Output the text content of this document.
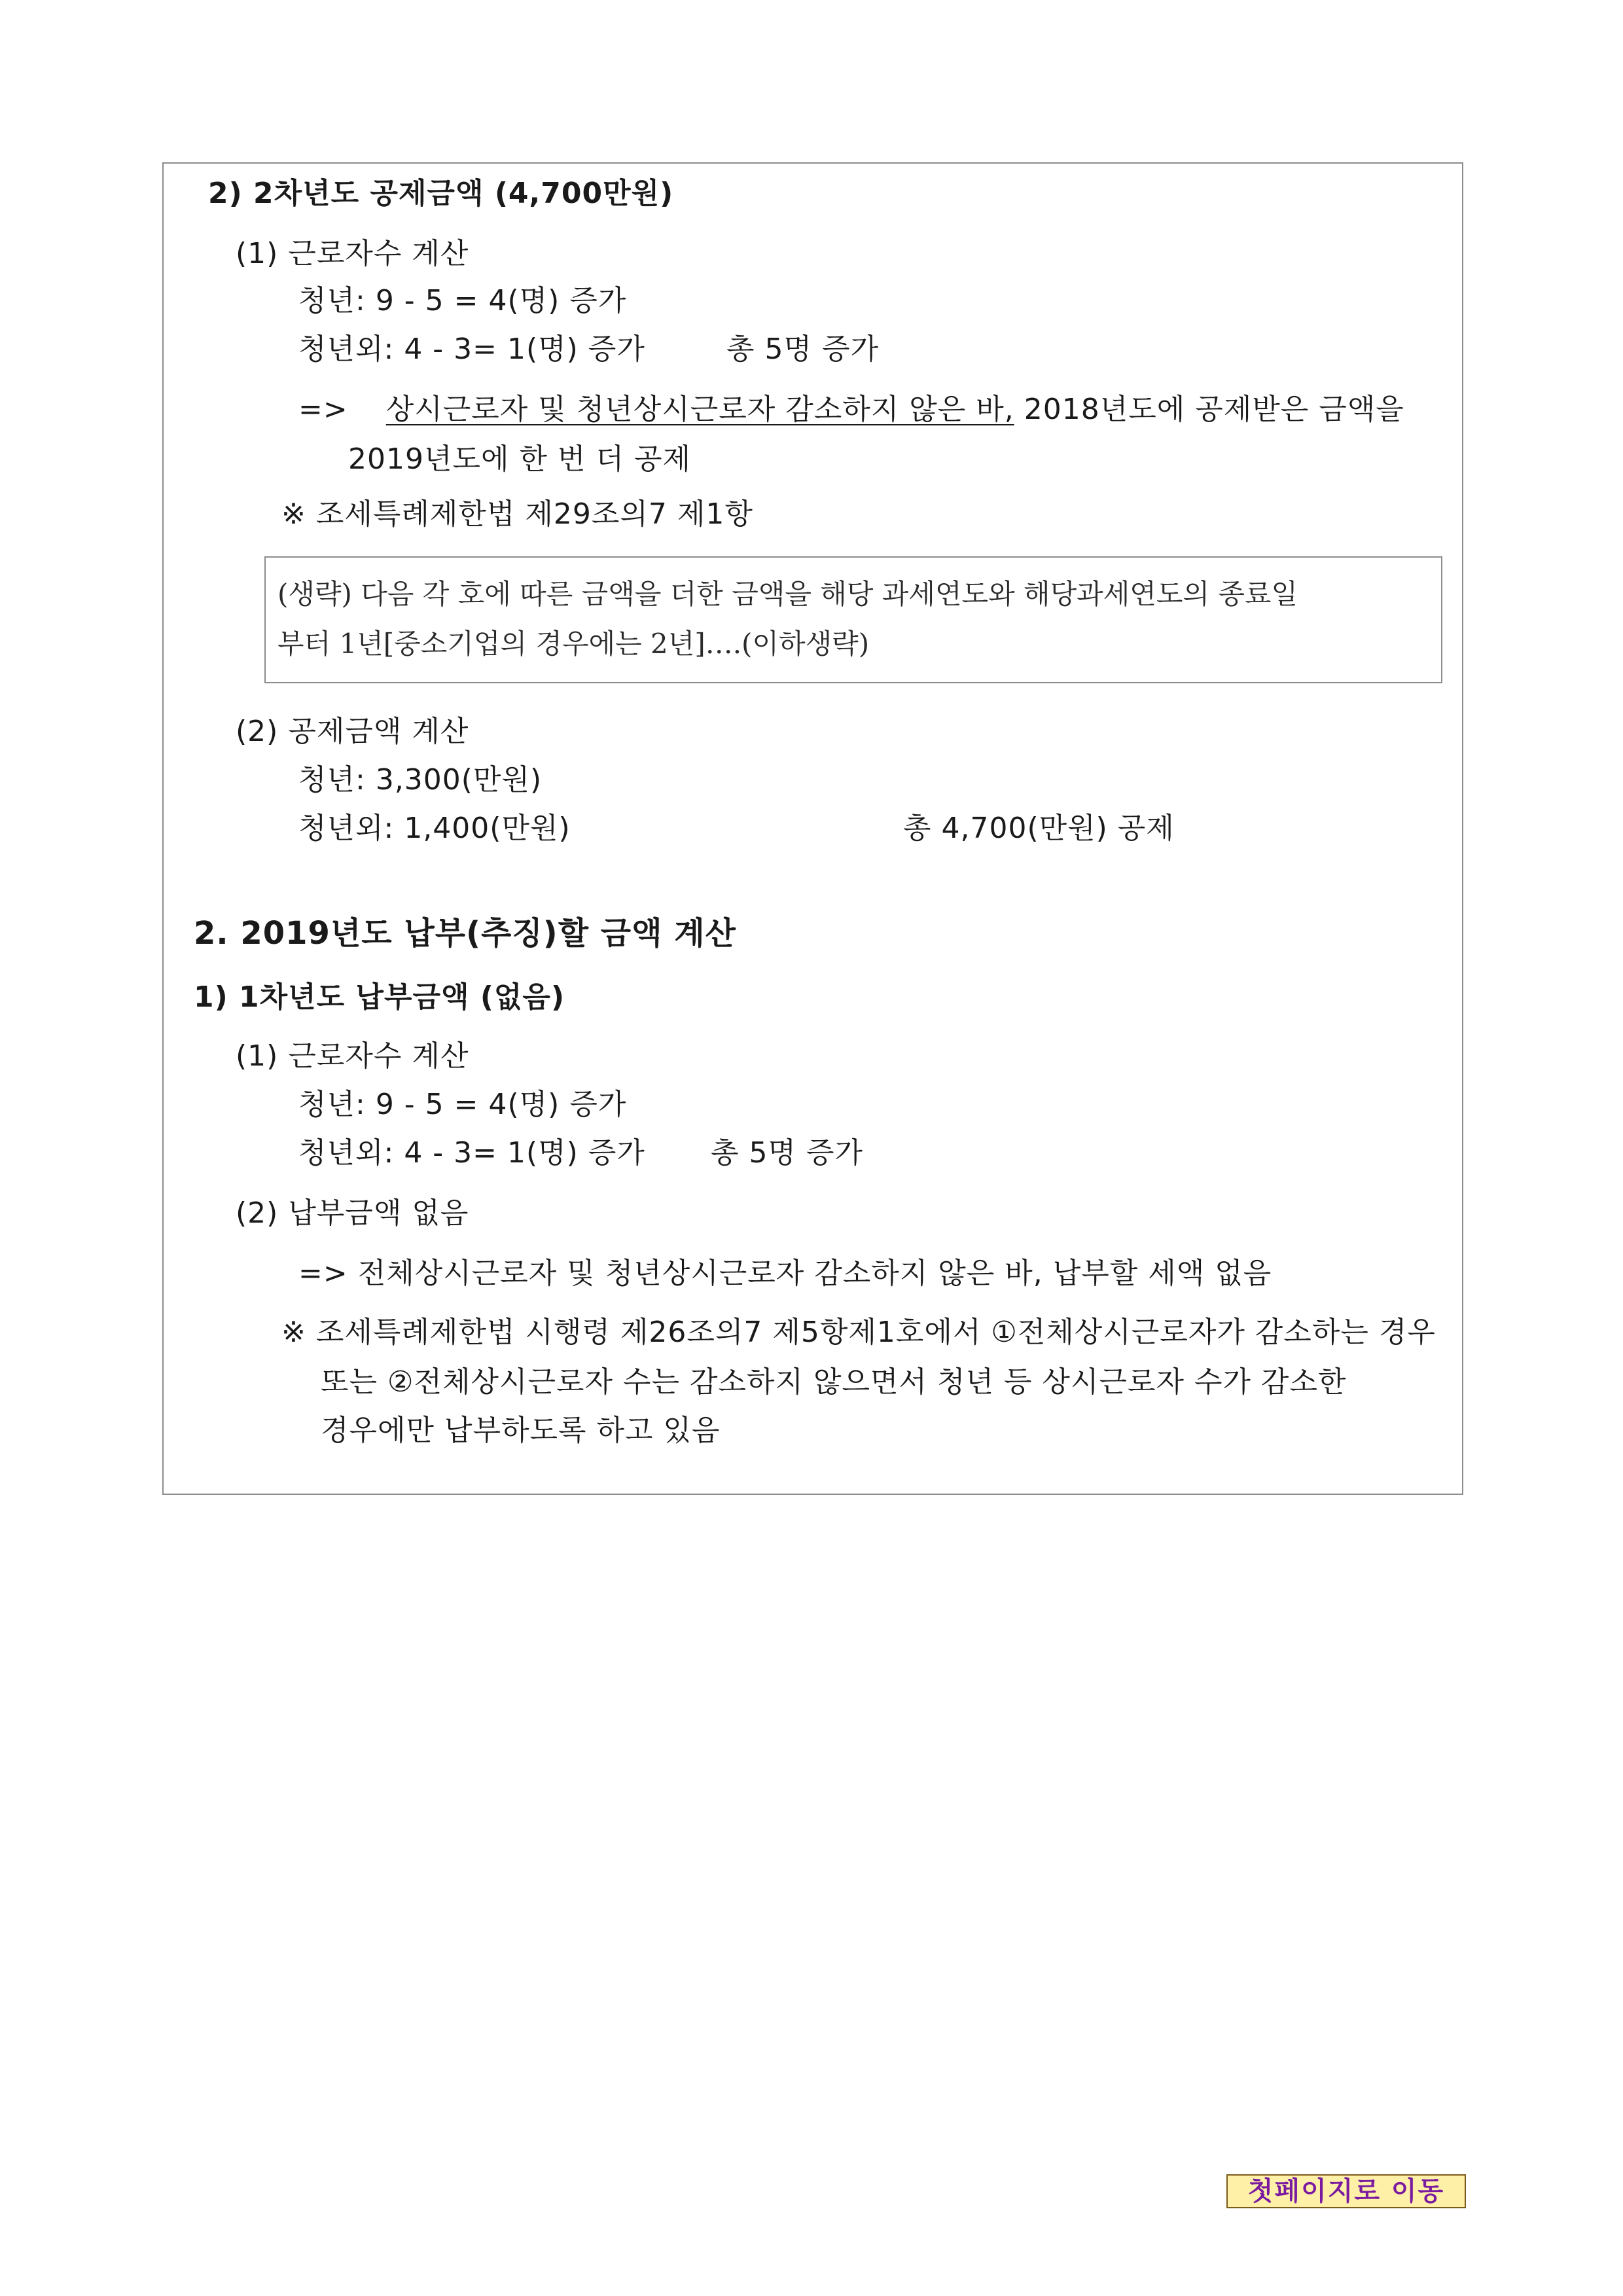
2) 2차년도 공제금액 (4,700만원)
(1) 근로자수 계산
청년: 9 - 5 = 4(명) 증가
청년외: 4 - 3= 1(명) 증가	총 5명 증가
=> 상시근로자 및 청년상시근로자 감소하지 않은 바, 2018년도에 공제받은 금액을
2019년도에 한 번 더 공제
※ 조세특례제한법 제29조의7 제1항
(생략) 다음 각 호에 따른 금액을 더한 금액을 해당 과세연도와 해당과세연도의 종료일
부터 1년[중소기업의 경우에는 2년]….(이하생략)
(2) 공제금액 계산
청년: 3,300(만원)
청년외: 1,400(만원)	총 4,700(만원) 공제
2. 2019년도 납부(추징)할 금액 계산
1) 1차년도 납부금액 (없음)
(1) 근로자수 계산
청년: 9 - 5 = 4(명) 증가
청년외: 4 - 3= 1(명) 증가 총 5명 증가
(2) 납부금액 없음
=> 전체상시근로자 및 청년상시근로자 감소하지 않은 바, 납부할 세액 없음
※ 조세특례제한법 시행령 제26조의7 제5항제1호에서 ①전체상시근로자가 감소하는 경우
또는 ②전체상시근로자 수는 감소하지 않으면서 청년 등 상시근로자 수가 감소한
경우에만 납부하도록 하고 있음
첫페이지로 이동
